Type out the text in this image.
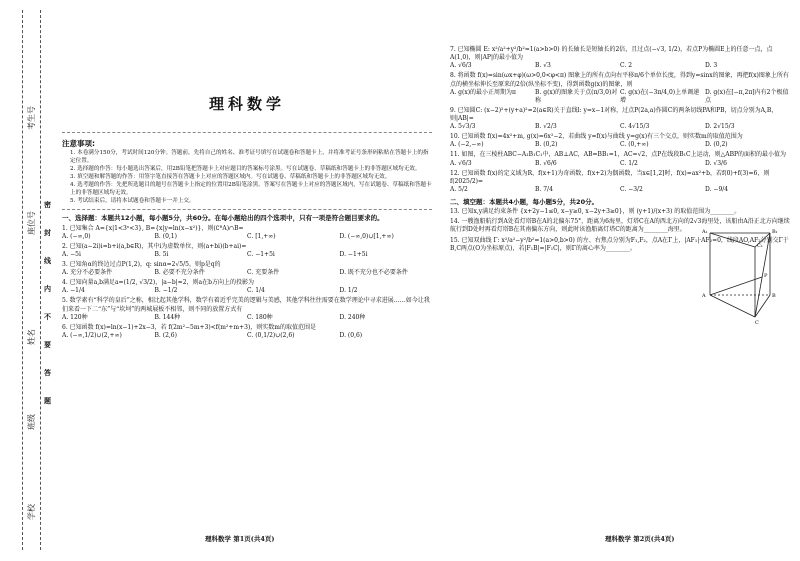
考生号
座位号
姓名
班级
学校
密
封
线
内
不
要
答
题
理科数学
注意事项:
1. 本卷满分150分，考试时间120分钟。答题前，先将自己的姓名、准考证号填写在试题卷和答题卡上，并将准考证号条形码粘贴在答题卡上的指定位置。
2. 选择题的作答：每小题选出答案后，用2B铅笔把答题卡上对应题目的答案标号涂黑。写在试题卷、草稿纸和答题卡上的非答题区域均无效。
3. 填空题和解答题的作答：用签字笔直接答在答题卡上对应的答题区域内。写在试题卷、草稿纸和答题卡上的非答题区域均无效。
4. 选考题的作答：先把所选题目的题号在答题卡上指定的位置用2B铅笔涂黑。答案写在答题卡上对应的答题区域内，写在试题卷、草稿纸和答题卡上的非答题区域均无效。
5. 考试结束后，请将本试题卷和答题卡一并上交。
一、选择题：本题共12小题，每小题5分，共60分。在每小题给出的四个选项中，只有一项是符合题目要求的。
1. 已知集合 A={x|1<3ˣ<3}, B={x|y=ln(x−x²)}，则(∁ᴿA)∩B=
A. (−∞,0)	B. (0,1)	C. [1,+∞)	D. (−∞,0)∪[1,+∞)
2. 已知(a−2i)i=b+i(a,b∈R)，其中i为虚数单位，则(a+bi)(b+ai)=
A. −5i	B. 5i	C. −1+5i	D. −1+5i
3. 已知角α的终边过点P(1,2)，q: sinα=2√5/5，则p是q的
A. 充分不必要条件	B. 必要不充分条件	C. 充要条件	D. 既不充分也不必要条件
4. 已知向量a,b满足a=(1/2, √3/2)，|a−b|=2，则a在b方向上的投影为
A. −1/4	B. −1/2	C. 1/4	D. 1/2
5. 数学素有“科学的皇后”之称，相比起其他学科，数学有着近乎完美的逻辑与美感，其他学科往往需要在数学理论中寻求进展……如今让我们来看一下二“东”与“坎坷”的两城展板不相邻，则不同的放置方式有
A. 120种	B. 144种	C. 180种	D. 240种
6. 已知函数 f(x)=ln(x−1)+2x−3，若 f(2m²−5m+3)<f(m²+m+3)，则实数m的取值范围是
A. (−∞,1/2)∪(2,+∞)	B. (2,6)	C. (0,1/2)∪(2,6)	D. (0,6)
理科数学 第1页(共4页)
7. 已知椭圆 E: x²/a²+y²/b²=1(a>b>0) 的长轴长是短轴长的2倍，且过点(−√3, 1/2)，若点P为椭圆E上的任意一点，点A(1,0)，则|AP|的最小值为
A. √6/3	B. √3	C. 2	D. 3
8. 将函数 f(x)=sin(ωx+φ)(ω>0,0<φ<π) 图象上的所有点向右平移π/6个单位长度，得到y=sinx的图象，再把f(x)图象上所有点的横坐标伸长至原来的2倍(纵坐标不变)，得到函数g(x)的图象，则
A. g(x)的最小正周期为π	B. g(x)的图象关于点(π/3,0)对称
C. g(x)在(−3π/4,0)上单调递增
D. g(x)在[−π,2π]内有2个极值点
9. 已知圆C: (x−2)²+(y+a)²=2(a∈R)关于直线l: y=x−1对称，过点P(2a,a)作圆C的两条切线PA和PB，切点分别为A,B，则|AB|=
A. 5√3/3	B. √2/3	C. 4√15/3	D. 2√15/3
10. 已知函数 f(x)=4x²+m, g(x)=6x²−2，若曲线 y=f(x)与曲线 y=g(x)有三个交点，则实数m的取值范围为
A. (−2,−∞)	B. (0,2)	C. (0,+∞)	D. (0,2)
11. 如图，在三棱柱ABC−A₁B₁C₁中，AB⊥AC，AB=BB₁=1，AC=√2，点P在线段B₁C上运动，则△ABP的面积的最小值为
A. √6/3	B. √6/6	C. 1/2	D. √3/6
12. 已知函数 f(x)的定义域为R，f(x+1)为奇函数，f(x+2)为偶函数，当x∈[1,2]时，f(x)=ax²+b，若f(0)+f(3)=6，则f(2025/2)=
A. 5/2	B. 7/4	C. −3/2	D. −9/4
二、填空题：本题共4小题，每小题5分，共20分。
13. 已知x,y满足约束条件 {x+2y−1≤0, x−y≥0, x−2y+3≥0}，则 (y+1)/(x+3) 的取值范围为________。
14. 一艘渔船航行到A处看灯塔B在A的北偏东75°，距离为6海里，灯塔C在A的西北方向的2√3海里处，该船由A沿正北方向继续航行到D处时再看灯塔B在其南偏东方向，则此时该渔船离灯塔C的距离为________海里。
15. 已知双曲线 Γ: x²/a²−y²/b²=1(a>0,b>0) 的左、右焦点分别为F₁,F₂，点A在Γ上，|AF₁|·AF₂=0，线段AO,AF₂分别交Γ于B,C两点(O为坐标原点)，若|F₁B|=|F₁C|，则Γ的离心率为________。
A₁	B₁
C₁
A	B
C
P
理科数学 第2页(共4页)
